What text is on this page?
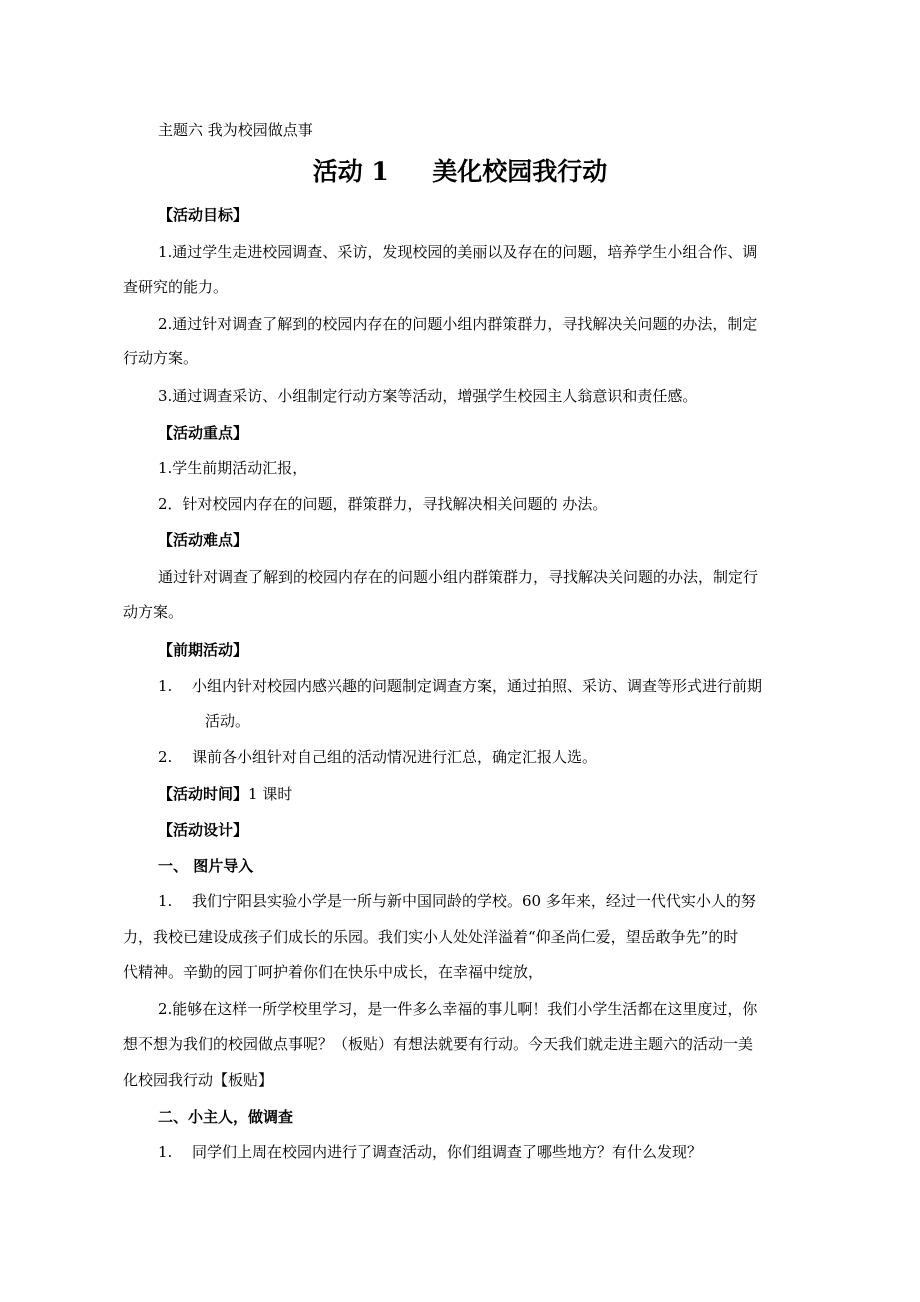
主题六 我为校园做点事
活动 1     美化校园我行动
【活动目标】
1.通过学生走进校园调查、采访，发现校园的美丽以及存在的问题，培养学生小组合作、调
查研究的能力。
2.通过针对调查了解到的校园内存在的问题小组内群策群力，寻找解决关问题的办法，制定
行动方案。
3.通过调查采访、小组制定行动方案等活动，增强学生校园主人翁意识和责任感。
【活动重点】
1.学生前期活动汇报，
2．针对校园内存在的问题，群策群力，寻找解决相关问题的 办法。
【活动难点】
通过针对调查了解到的校园内存在的问题小组内群策群力，寻找解决关问题的办法，制定行
动方案。
【前期活动】
1. 小组内针对校园内感兴趣的问题制定调查方案，通过拍照、采访、调查等形式进行前期
活动。
2. 课前各小组针对自己组的活动情况进行汇总，确定汇报人选。
【活动时间】1 课时
【活动设计】
一、 图片导入
1. 我们宁阳县实验小学是一所与新中国同龄的学校。60 多年来，经过一代代实小人的努
力，我校已建设成孩子们成长的乐园。我们实小人处处洋溢着“仰圣尚仁爱，望岳敢争先”的时
代精神。辛勤的园丁呵护着你们在快乐中成长，在幸福中绽放，
2.能够在这样一所学校里学习，是一件多么幸福的事儿啊！我们小学生活都在这里度过，你
想不想为我们的校园做点事呢？（板贴）有想法就要有行动。今天我们就走进主题六的活动一美
化校园我行动【板贴】
二、小主人，做调查
1. 同学们上周在校园内进行了调查活动，你们组调查了哪些地方？有什么发现？
